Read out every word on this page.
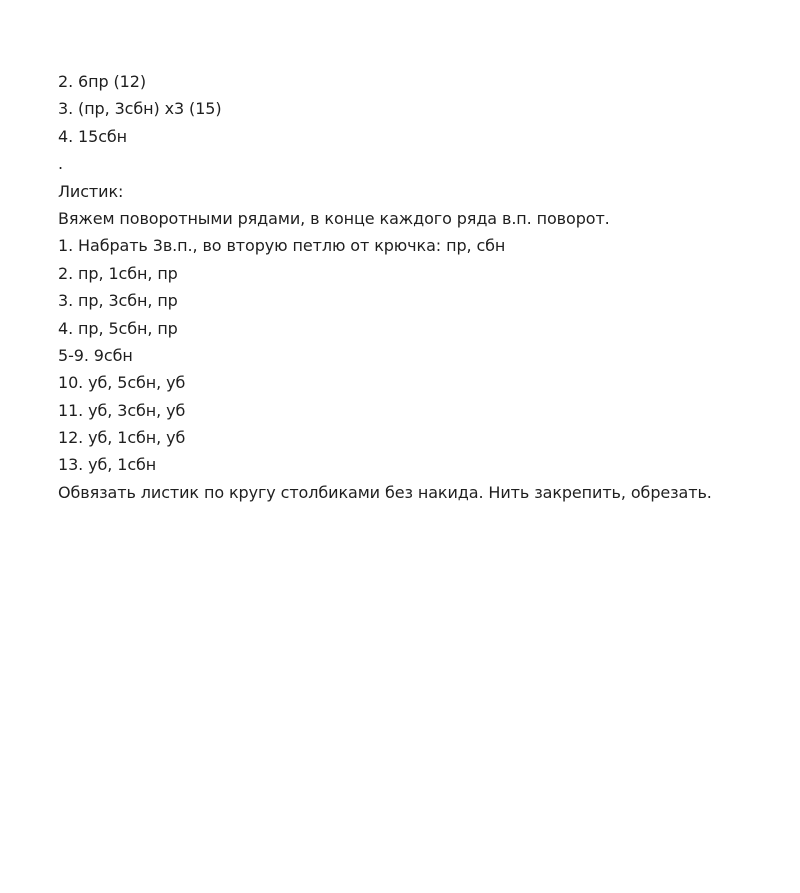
2. 6пр (12)
3. (пр, 3сбн) х3 (15)
4. 15сбн
.
Листик:
Вяжем поворотными рядами, в конце каждого ряда в.п. поворот.
1. Набрать 3в.п., во вторую петлю от крючка: пр, сбн
2. пр, 1сбн, пр
3. пр, 3сбн, пр
4. пр, 5сбн, пр
5-9. 9сбн
10. уб, 5сбн, уб
11. уб, 3сбн, уб
12. уб, 1сбн, уб
13. уб, 1сбн
Обвязать листик по кругу столбиками без накида. Нить закрепить, обрезать.
